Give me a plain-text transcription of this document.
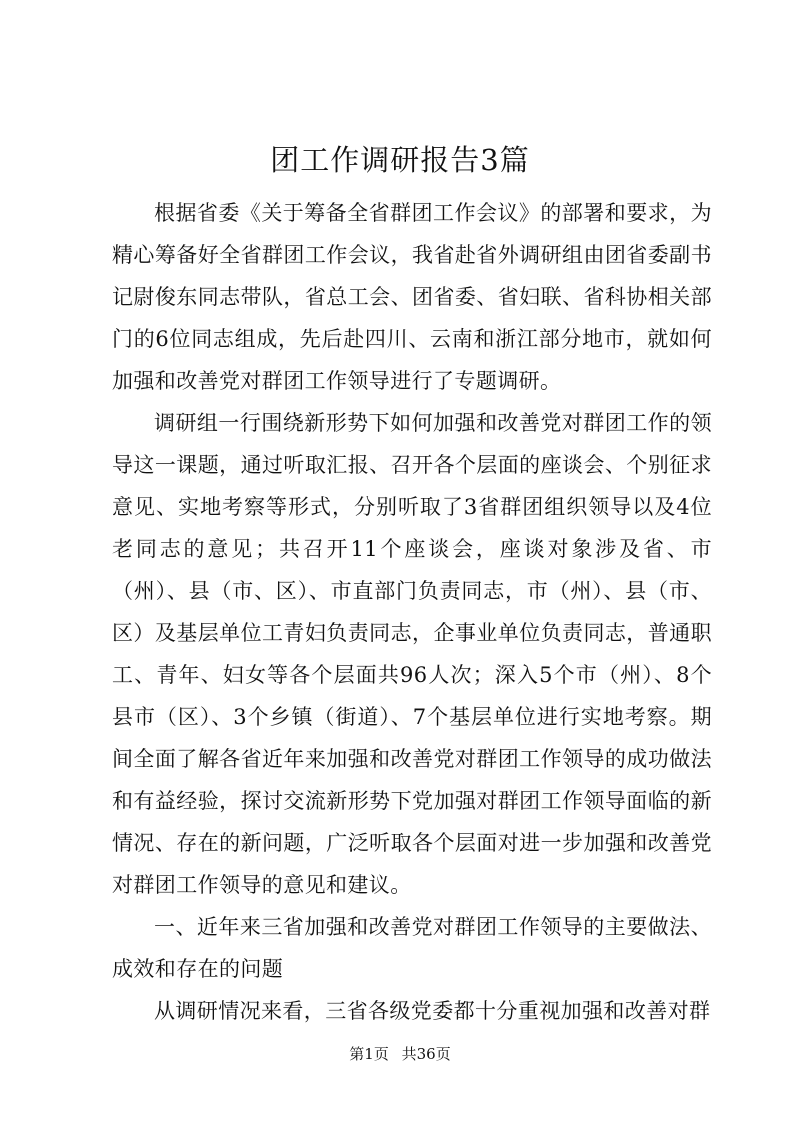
团工作调研报告3篇

根据省委《关于筹备全省群团工作会议》的部署和要求，为精心筹备好全省群团工作会议，我省赴省外调研组由团省委副书记尉俊东同志带队，省总工会、团省委、省妇联、省科协相关部门的6位同志组成，先后赴四川、云南和浙江部分地市，就如何加强和改善党对群团工作领导进行了专题调研。

调研组一行围绕新形势下如何加强和改善党对群团工作的领导这一课题，通过听取汇报、召开各个层面的座谈会、个别征求意见、实地考察等形式，分别听取了3省群团组织领导以及4位老同志的意见；共召开11个座谈会，座谈对象涉及省、市（州）、县（市、区）、市直部门负责同志，市（州）、县（市、区）及基层单位工青妇负责同志，企事业单位负责同志，普通职工、青年、妇女等各个层面共96人次；深入5个市（州）、8个县市（区）、3个乡镇（街道）、7个基层单位进行实地考察。期间全面了解各省近年来加强和改善党对群团工作领导的成功做法和有益经验，探讨交流新形势下党加强对群团工作领导面临的新情况、存在的新问题，广泛听取各个层面对进一步加强和改善党对群团工作领导的意见和建议。

一、近年来三省加强和改善党对群团工作领导的主要做法、成效和存在的问题

从调研情况来看，三省各级党委都十分重视加强和改善对群

第1页 共36页
